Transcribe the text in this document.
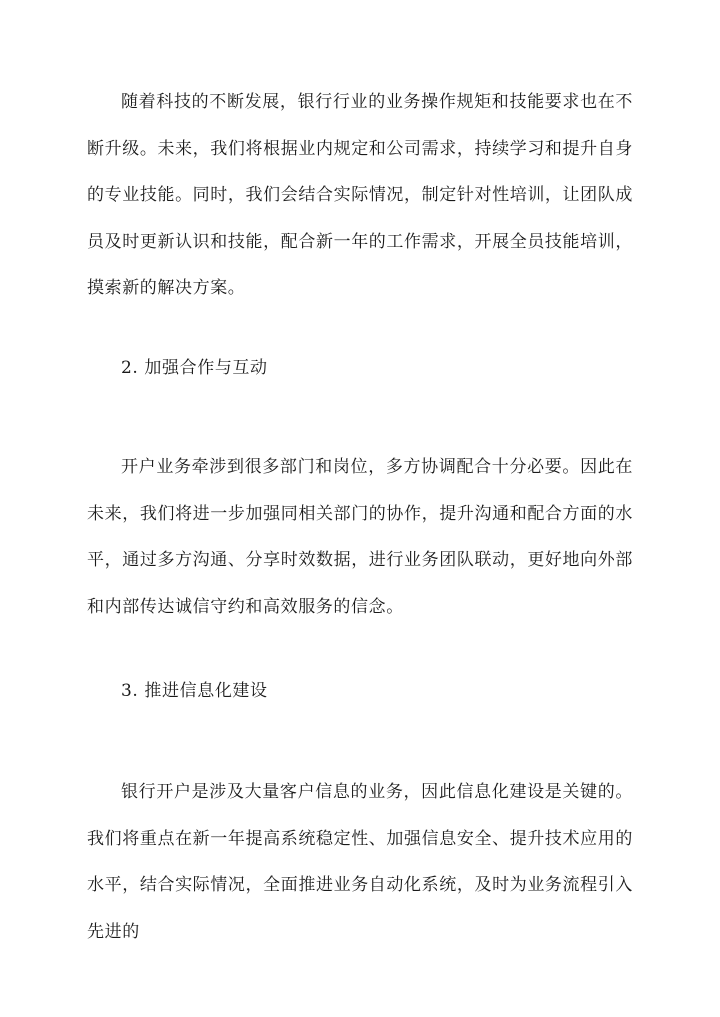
随着科技的不断发展，银行行业的业务操作规矩和技能要求也在不断升级。未来，我们将根据业内规定和公司需求，持续学习和提升自身的专业技能。同时，我们会结合实际情况，制定针对性培训，让团队成员及时更新认识和技能，配合新一年的工作需求，开展全员技能培训，摸索新的解决方案。

2. 加强合作与互动

开户业务牵涉到很多部门和岗位，多方协调配合十分必要。因此在未来，我们将进一步加强同相关部门的协作，提升沟通和配合方面的水平，通过多方沟通、分享时效数据，进行业务团队联动，更好地向外部和内部传达诚信守约和高效服务的信念。

3. 推进信息化建设

银行开户是涉及大量客户信息的业务，因此信息化建设是关键的。我们将重点在新一年提高系统稳定性、加强信息安全、提升技术应用的水平，结合实际情况，全面推进业务自动化系统，及时为业务流程引入先进的
